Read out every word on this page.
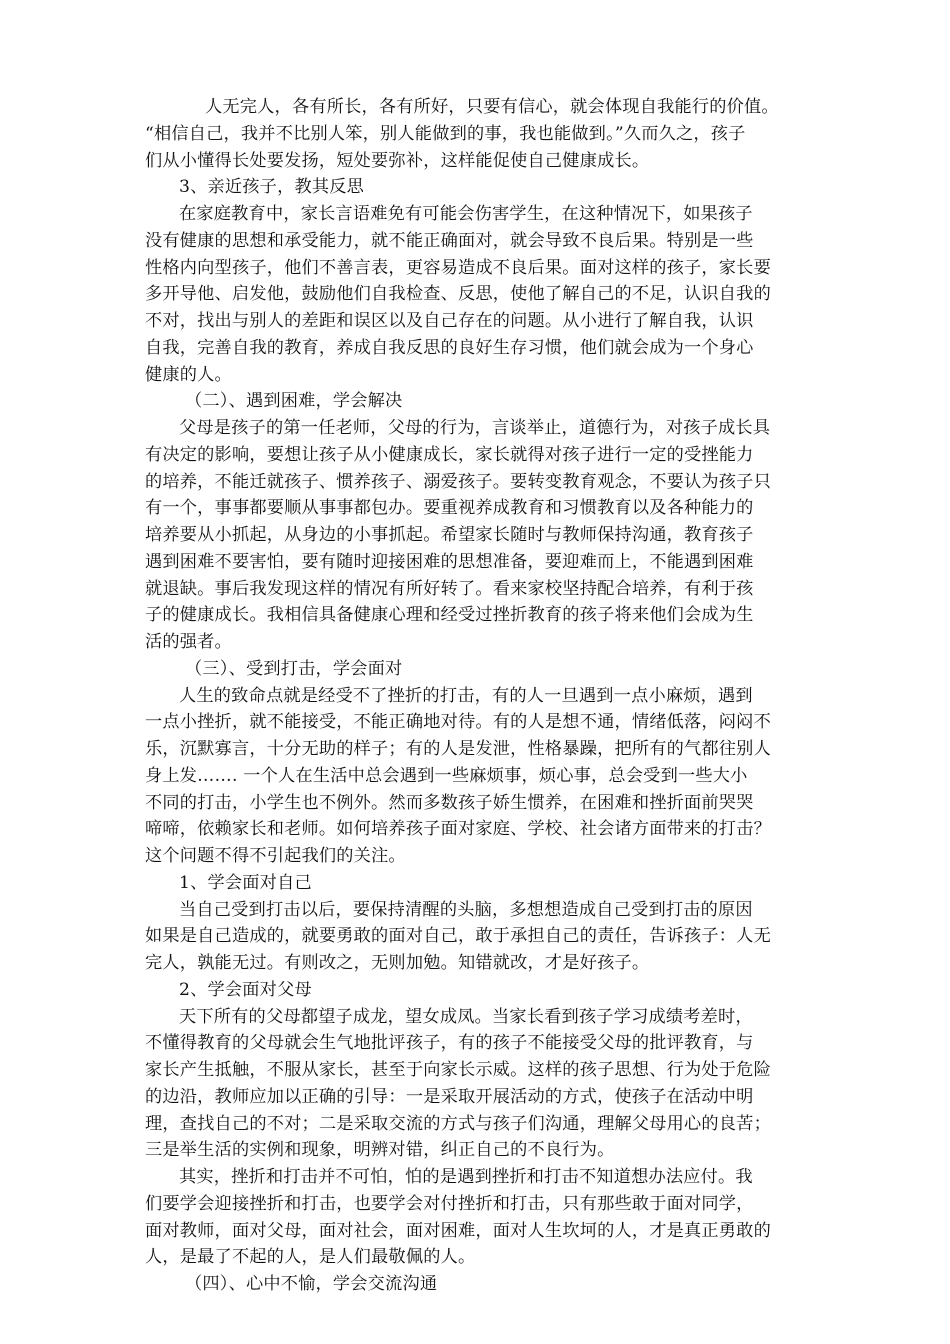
人无完人，各有所长，各有所好，只要有信心，就会体现自我能行的价值。
“相信自己，我并不比别人笨，别人能做到的事，我也能做到。”久而久之，孩子
们从小懂得长处要发扬，短处要弥补，这样能促使自己健康成长。
3、亲近孩子，教其反思
在家庭教育中，家长言语难免有可能会伤害学生，在这种情况下，如果孩子
没有健康的思想和承受能力，就不能正确面对，就会导致不良后果。特别是一些
性格内向型孩子，他们不善言表，更容易造成不良后果。面对这样的孩子，家长要
多开导他、启发他，鼓励他们自我检查、反思，使他了解自己的不足，认识自我的
不对，找出与别人的差距和误区以及自己存在的问题。从小进行了解自我，认识
自我，完善自我的教育，养成自我反思的良好生存习惯，他们就会成为一个身心
健康的人。
（二）、遇到困难，学会解决
父母是孩子的第一任老师，父母的行为，言谈举止，道德行为，对孩子成长具
有决定的影响，要想让孩子从小健康成长，家长就得对孩子进行一定的受挫能力
的培养，不能迁就孩子、惯养孩子、溺爱孩子。要转变教育观念，不要认为孩子只
有一个，事事都要顺从事事都包办。要重视养成教育和习惯教育以及各种能力的
培养要从小抓起，从身边的小事抓起。希望家长随时与教师保持沟通，教育孩子
遇到困难不要害怕，要有随时迎接困难的思想准备，要迎难而上，不能遇到困难
就退缺。事后我发现这样的情况有所好转了。看来家校坚持配合培养，有利于孩
子的健康成长。我相信具备健康心理和经受过挫折教育的孩子将来他们会成为生
活的强者。
（三）、受到打击，学会面对
人生的致命点就是经受不了挫折的打击，有的人一旦遇到一点小麻烦，遇到
一点小挫折，就不能接受，不能正确地对待。有的人是想不通，情绪低落，闷闷不
乐，沉默寡言，十分无助的样子；有的人是发泄，性格暴躁，把所有的气都往别人
身上发……. 一个人在生活中总会遇到一些麻烦事，烦心事，总会受到一些大小
不同的打击，小学生也不例外。然而多数孩子娇生惯养，在困难和挫折面前哭哭
啼啼，依赖家长和老师。如何培养孩子面对家庭、学校、社会诸方面带来的打击？
这个问题不得不引起我们的关注。
1、学会面对自己
当自己受到打击以后，要保持清醒的头脑，多想想造成自己受到打击的原因
如果是自己造成的，就要勇敢的面对自己，敢于承担自己的责任，告诉孩子：人无
完人，孰能无过。有则改之，无则加勉。知错就改，才是好孩子。
2、学会面对父母
天下所有的父母都望子成龙，望女成凤。当家长看到孩子学习成绩考差时，
不懂得教育的父母就会生气地批评孩子，有的孩子不能接受父母的批评教育，与
家长产生抵触，不服从家长，甚至于向家长示威。这样的孩子思想、行为处于危险
的边沿，教师应加以正确的引导：一是采取开展活动的方式，使孩子在活动中明
理，查找自己的不对；二是采取交流的方式与孩子们沟通，理解父母用心的良苦；
三是举生活的实例和现象，明辨对错，纠正自己的不良行为。
其实，挫折和打击并不可怕，怕的是遇到挫折和打击不知道想办法应付。我
们要学会迎接挫折和打击，也要学会对付挫折和打击，只有那些敢于面对同学，
面对教师，面对父母，面对社会，面对困难，面对人生坎坷的人，才是真正勇敢的
人，是最了不起的人，是人们最敬佩的人。
（四）、心中不愉，学会交流沟通
